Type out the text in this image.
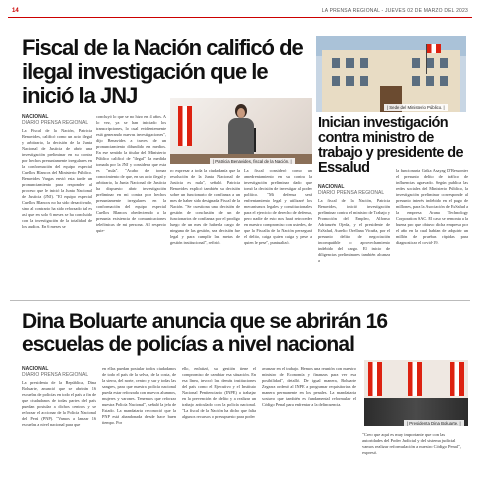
14	LA PRENSA REGIONAL - JUEVES 02 DE MARZO DEL 2023
Fiscal de la Nación calificó de ilegal investigación que le inició la JNJ
NACIONAL
DIARIO PRENSA REGIONAL
La Fiscal de la Nación, Patricia Benavides, calificó como un acto ilegal y arbitrario, la decisión de la Junta Nacional de Justicia de abrir una investigación preliminar en su contra por hechos presuntamente irregulares en la conformación del equipo especial Cuellos Blancos del Ministerio Público. Benavides Vargas envió esta tarde un pronunciamiento para responder al proceso que le inició la Junta Nacional de Justicia (JNJ). "El equipo especial Cuellos Blancos no ha sido desactivado, sino al contrario ha sido reforzado tal es así que en solo 6 meses se ha concluido con la investigación de la totalidad de los audios. En 6 meses se
concluyó lo que se no hizo en 4 años. A lo vez, ya se han iniciado los transcripciones, lo cual evidentemente está generando nuevas investigaciones", dijo Benavides a traves de un pronunciamiento difundido en medios. En ese sentido la titular del Ministerio Público calificó de "ilegal" la medida tomada por la JNJ y considera que esta es "nula". "Acabo de tomar conocimiento de que, en un acto ilegal y arbitrario, la Junta Nacional de Justicia ha dispuesto abrir investigación preliminar en mi contra por hechos presuntamente irregulares en la conformación del equipo especial Cuellos Blancos obedeciendo a la presunta existencia de comunicaciones telefónicas de mi persona. Al respecto quie-
| Patricia Benavides, fiscal de la Nación. |
ro expresar a toda la ciudadanía que la resolución de la Junta Nacional de Justicia es nula", señaló. Patricia Benavides explicó también su decisión sobre un funcionario de confianza a un mes de haber sido designada Fiscal de la Nación. "Se cuestiona una decisión de gestión de conclusión de un de funcionarios de confianza por el prodigo luego de un mes de haberla cargo de ninguna de las gestión, sea decisión fue legal y para cumplir las metas de gestión institucional", refirió.
La fiscal consideró como un amedrentamiento en su contra la investigación preliminar dado que tomó la decisión de investigar al poder político. "Mi defensa será enfrentamiento legal y utilizaré los mecanismos legales y constitucionales para el ejercicio de derecho de defensa, pero nadie de esto nos hará retroceder en nuestro compromiso con ustedes, de que la Fiscalía de la Nación persegurá el delito, caiga quien caiga y pese a quien le pese", puntualizó.
| Sede del Ministerio Público. |
Inician investigación contra ministro de trabajo y presidente de Essalud
NACIONAL
DIARIO PRENSA REGIONAL
La fiscal de la Nación, Patricia Benavides, inició investigación preliminar contra el ministro de Trabajo y Promoción del Empleo, Alfonso Adrianzén Ojeda, y el presidente de EsSalud, Aurelio Orellana Vicuña, por el presunto delito de negociación incompatible o aprovechamiento indebido del cargo. El inicio de diligencias preliminares también alcanza a
la funcionaria Grika Asayag D'Bessonier el presunto delito de tráfico de influencias agravado. Según publica las redes sociales del Ministerio Público, la investigación preliminar corresponde al presunto interés indebido en el pago de millones, para la Asociación de EsSalud a la empresa Arana Technology Corporation SAC. El caso se remonta a la buena pro que obtuvo dicha empresa por el año en la cual habían de adquirir un millón de pruebas rápidas para diagnosticar el covid-19.
Dina Boluarte anuncia que se abrirán 16 escuelas de policías a nivel nacional
NACIONAL
DIARIO PRENSA REGIONAL
La presidenta de la República, Dina Boluarte, anunció que se abrirán 16 escuelas de policías en todo el país a fin de que ciudadanos de todas partes del país puedan postular a dichos centros y se reforzar el accionar de la Policía Nacional del Perú (PNP). "Vamos a lanzar 16 escuelas a nivel nacional para que
en ellas puedan postular todos ciudadanos de todo el país de la selva, de la costa, de la sierra, del norte, centro y sur y todas las sangres, para que nuestra policía nacional pueda estar reforzada con nuevos alumnos, mujeres y varones. Tenemos que reforzar nuestra Policía Nacional", señaló la jefa de Estado. La mandataria reconoció que la PNP está abandonada desde hace buen tiempo. Por
ello, enfatizó, su gestión tiene el compromiso de cambiar esa situación. En esa línea, invocó las demás instituciones del país como el Ejecutivo y el Instituto Nacional Penitenciario (INPE) a trabajar en la prevención de delito y a realizar un trabajo articulado con la policía nacional. "La fiscal de la Nación ha dicho que falta algunos recursos o presupuesto para poder
avanzar en el trabajo. Hemos una reunión con nuestro ministro de Economía y finanzas para ver esa posibilidad", detalló. De igual manera, Boluarte Zegarra ordenó al INPE a programar requisitorias de manera permanente en los penales. La mandataria sostuvo que también es fundamental reformular el Código Penal para enfrentar a la delincuencia.
| Presidenta Dina Boluarte. |
"Creo que aquí es muy importante que con las autoridades del Poder Judicial y del sistema judicial vamos realizar reformulación a nuestro Código Penal", expresó.
